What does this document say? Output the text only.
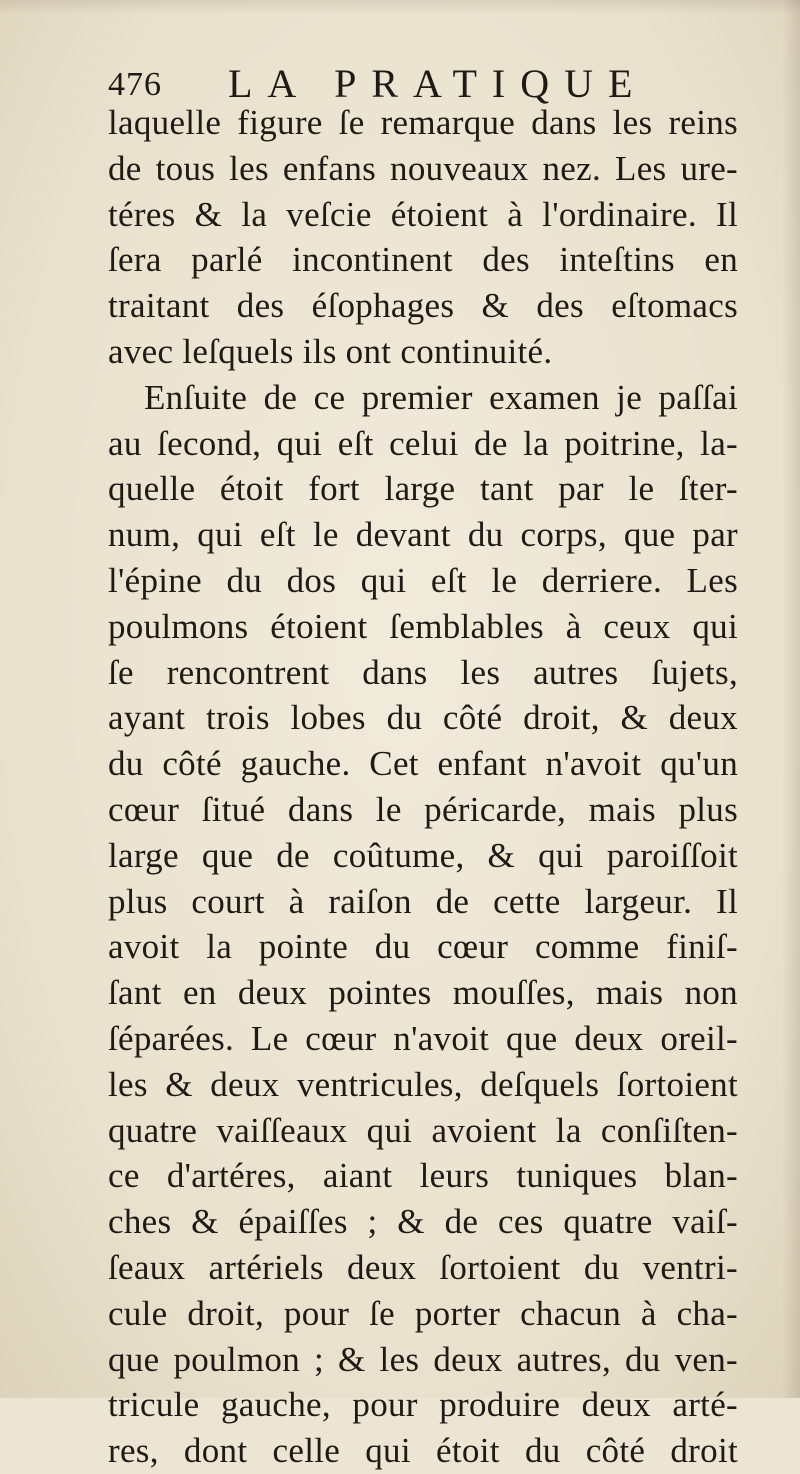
476 LA PRATIQUE
laquelle figure ſe remarque dans les reins
de tous les enfans nouveaux nez. Les ure-
téres & la veſcie étoient à l'ordinaire. Il
ſera parlé incontinent des inteſtins en
traitant des éſophages & des eſtomacs
avec leſquels ils ont continuité.
Enſuite de ce premier examen je paſſai
au ſecond, qui eſt celui de la poitrine, la-
quelle étoit fort large tant par le ſter-
num, qui eſt le devant du corps, que par
l'épine du dos qui eſt le derriere. Les
poulmons étoient ſemblables à ceux qui
ſe rencontrent dans les autres ſujets,
ayant trois lobes du côté droit, & deux
du côté gauche. Cet enfant n'avoit qu'un
cœur ſitué dans le péricarde, mais plus
large que de coûtume, & qui paroiſſoit
plus court à raiſon de cette largeur. Il
avoit la pointe du cœur comme finiſ-
ſant en deux pointes mouſſes, mais non
ſéparées. Le cœur n'avoit que deux oreil-
les & deux ventricules, deſquels ſortoient
quatre vaiſſeaux qui avoient la conſiſten-
ce d'artéres, aiant leurs tuniques blan-
ches & épaiſſes ; & de ces quatre vaiſ-
ſeaux artériels deux ſortoient du ventri-
cule droit, pour ſe porter chacun à cha-
que poulmon ; & les deux autres, du ven-
tricule gauche, pour produire deux arté-
res, dont celle qui étoit du côté droit
